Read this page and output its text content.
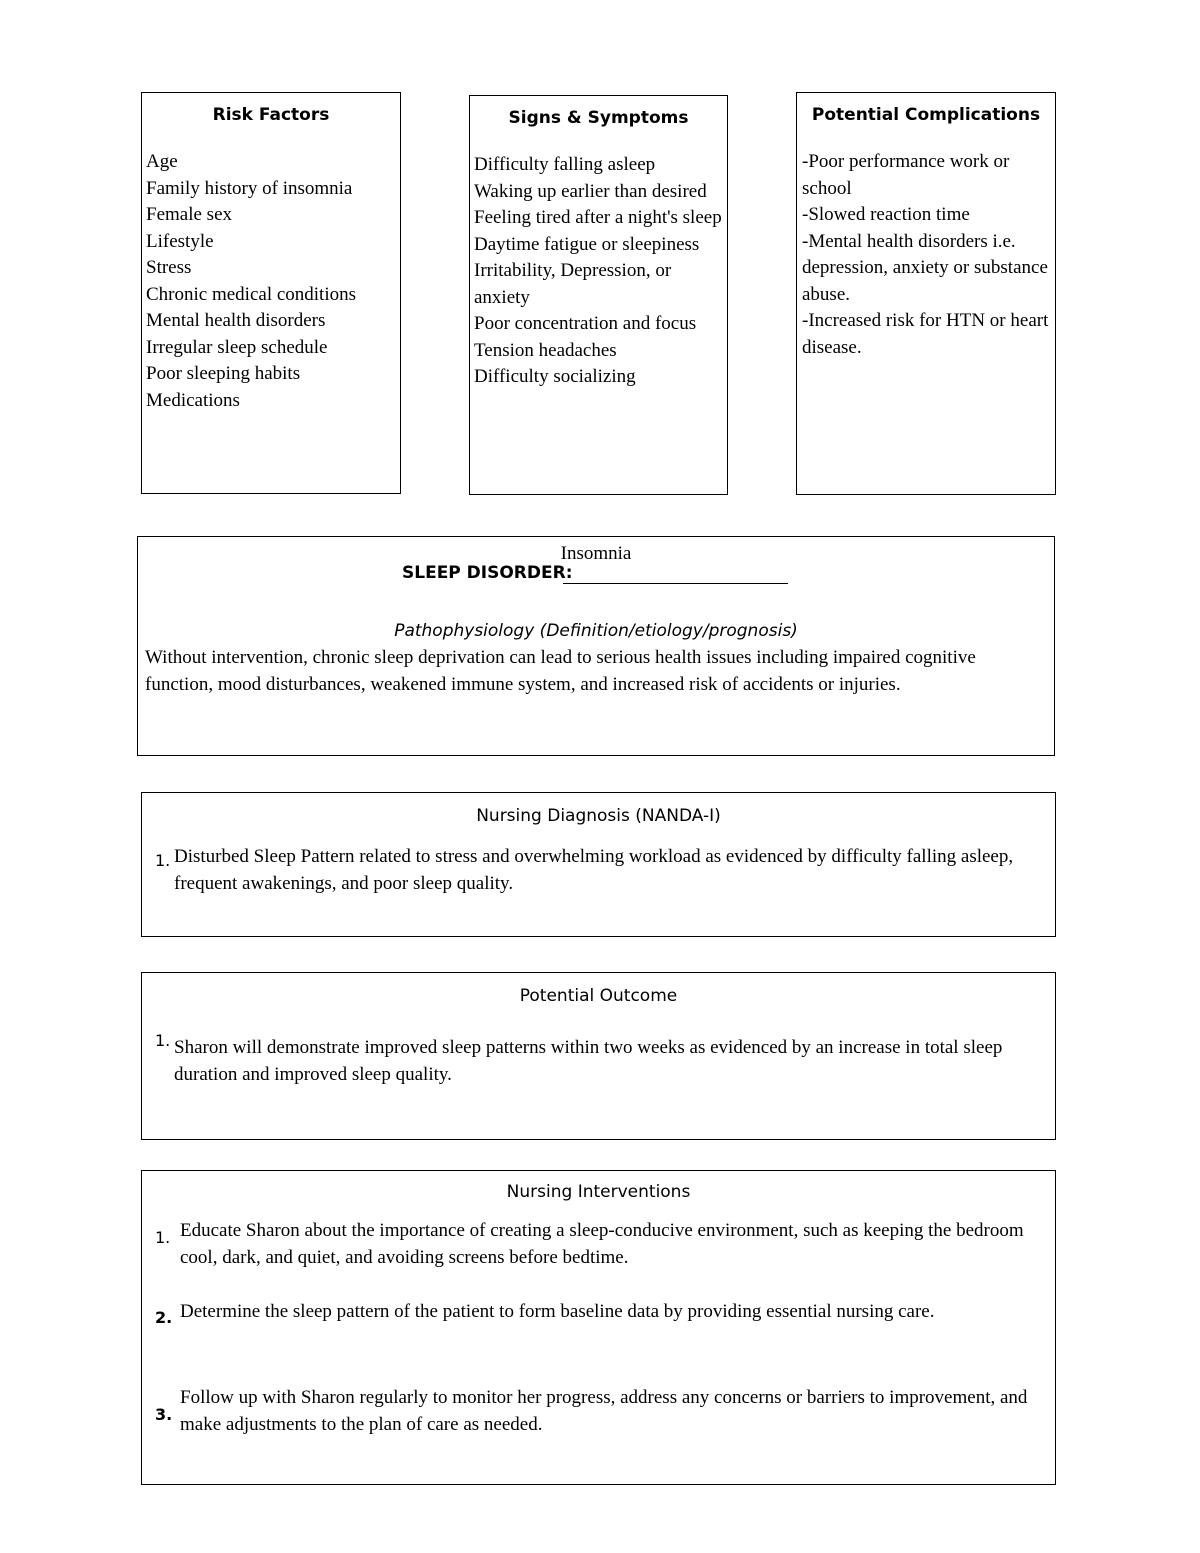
Risk Factors
Age
Family history of insomnia
Female sex
Lifestyle
Stress
Chronic medical conditions
Mental health disorders
Irregular sleep schedule
Poor sleeping habits
Medications
Signs & Symptoms
Difficulty falling asleep
Waking up earlier than desired
Feeling tired after a night's sleep
Daytime fatigue or sleepiness
Irritability, Depression, or anxiety
Poor concentration and focus
Tension headaches
Difficulty socializing
Potential Complications
-Poor performance work or school
-Slowed reaction time
-Mental health disorders i.e. depression, anxiety or substance abuse.
-Increased risk for HTN or heart disease.
Insomnia
SLEEP DISORDER:
Pathophysiology (Definition/etiology/prognosis)
Without intervention, chronic sleep deprivation can lead to serious health issues including impaired cognitive function, mood disturbances, weakened immune system, and increased risk of accidents or injuries.
Nursing Diagnosis (NANDA-I)
1. Disturbed Sleep Pattern related to stress and overwhelming workload as evidenced by difficulty falling asleep, frequent awakenings, and poor sleep quality.
Potential Outcome
1. Sharon will demonstrate improved sleep patterns within two weeks as evidenced by an increase in total sleep duration and improved sleep quality.
Nursing Interventions
1. Educate Sharon about the importance of creating a sleep-conducive environment, such as keeping the bedroom cool, dark, and quiet, and avoiding screens before bedtime.
2. Determine the sleep pattern of the patient to form baseline data by providing essential nursing care.
3.
Follow up with Sharon regularly to monitor her progress, address any concerns or barriers to improvement, and make adjustments to the plan of care as needed.
